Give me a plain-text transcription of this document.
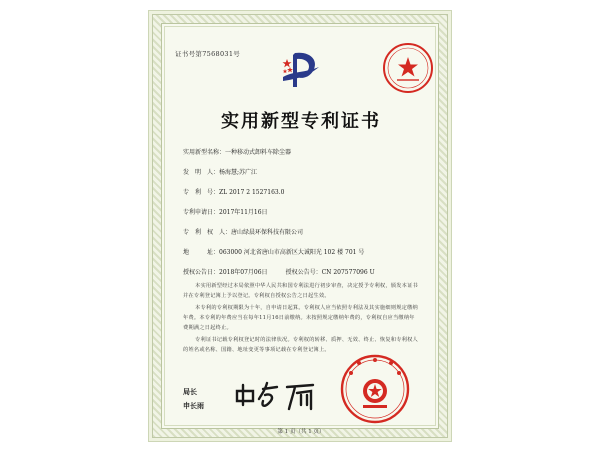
证书号第7568031号
实用新型专利证书
实用新型名称：一种移动式卸料车除尘器
发　明　人：杨海慧;苏广江
专　利　号：ZL 2017 2 1527163.0
专利申请日：2017年11月16日
专　利　权　人：唐山绿晨环保科技有限公司
地　　　址：063000 河北省唐山市高新区大诚阳光 102 楼 701 号
授权公告日：2018年07月06日	授权公告号：CN 207577096 U
本实用新型经过本局依照中华人民共和国专利法进行初步审查，决定授予专利权，颁发本证书并在专利登记簿上予以登记。专利权自授权公告之日起生效。
本专利的专利权期限为十年，自申请日起算。专利权人应当依照专利法及其实施细则规定缴纳年费。本专利的年费应当在每年11月16日前缴纳。未按照规定缴纳年费的，专利权自应当缴纳年费期满之日起终止。
专利证书记载专利权登记时的法律状况。专利权的转移、质押、无效、终止、恢复和专利权人的姓名或名称、国籍、地址变更等事项记载在专利登记簿上。
局长
申长雨
第 1 页（共 1 页）
